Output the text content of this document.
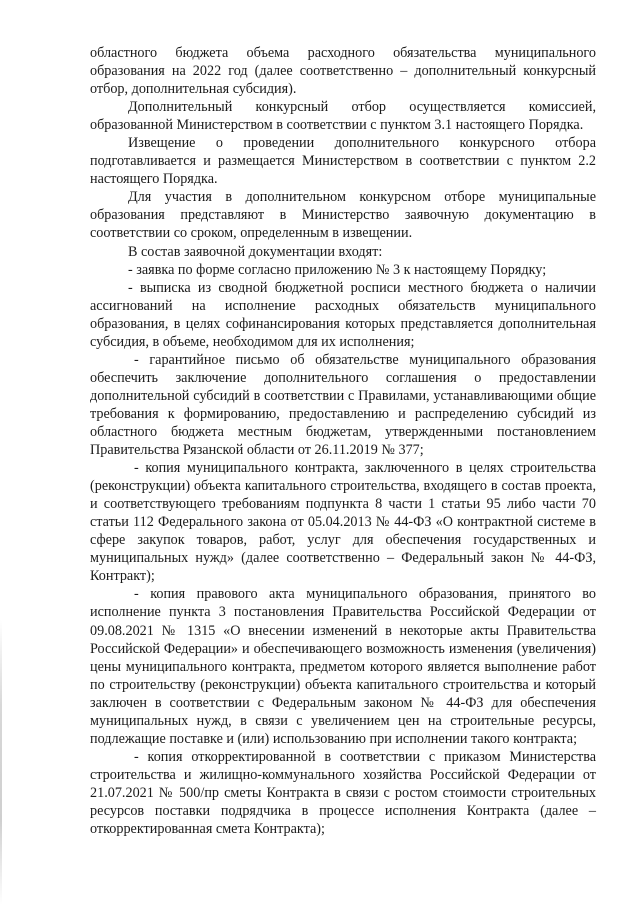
областного бюджета объема расходного обязательства муниципального образования на 2022 год (далее соответственно – дополнительный конкурсный отбор, дополнительная субсидия).

Дополнительный конкурсный отбор осуществляется комиссией, образованной Министерством в соответствии с пунктом 3.1 настоящего Порядка.

Извещение о проведении дополнительного конкурсного отбора подготавливается и размещается Министерством в соответствии с пунктом 2.2 настоящего Порядка.

Для участия в дополнительном конкурсном отборе муниципальные образования представляют в Министерство заявочную документацию в соответствии со сроком, определенным в извещении.

В состав заявочной документации входят:

- заявка по форме согласно приложению № 3 к настоящему Порядку;

- выписка из сводной бюджетной росписи местного бюджета о наличии ассигнований на исполнение расходных обязательств муниципального образования, в целях софинансирования которых представляется дополнительная субсидия, в объеме, необходимом для их исполнения;

- гарантийное письмо об обязательстве муниципального образования обеспечить заключение дополнительного соглашения о предоставлении дополнительной субсидий в соответствии с Правилами, устанавливающими общие требования к формированию, предоставлению и распределению субсидий из областного бюджета местным бюджетам, утвержденными постановлением Правительства Рязанской области от 26.11.2019 № 377;

- копия муниципального контракта, заключенного в целях строительства (реконструкции) объекта капитального строительства, входящего в состав проекта, и соответствующего требованиям подпункта 8 части 1 статьи 95 либо части 70 статьи 112 Федерального закона от 05.04.2013 № 44-ФЗ «О контрактной системе в сфере закупок товаров, работ, услуг для обеспечения государственных и муниципальных нужд» (далее соответственно – Федеральный закон № 44-ФЗ, Контракт);

- копия правового акта муниципального образования, принятого во исполнение пункта 3 постановления Правительства Российской Федерации от 09.08.2021 № 1315 «О внесении изменений в некоторые акты Правительства Российской Федерации» и обеспечивающего возможность изменения (увеличения) цены муниципального контракта, предметом которого является выполнение работ по строительству (реконструкции) объекта капитального строительства и который заключен в соответствии с Федеральным законом № 44-ФЗ для обеспечения муниципальных нужд, в связи с увеличением цен на строительные ресурсы, подлежащие поставке и (или) использованию при исполнении такого контракта;

- копия откорректированной в соответствии с приказом Министерства строительства и жилищно-коммунального хозяйства Российской Федерации от 21.07.2021 № 500/пр сметы Контракта в связи с ростом стоимости строительных ресурсов поставки подрядчика в процессе исполнения Контракта (далее – откорректированная смета Контракта);
